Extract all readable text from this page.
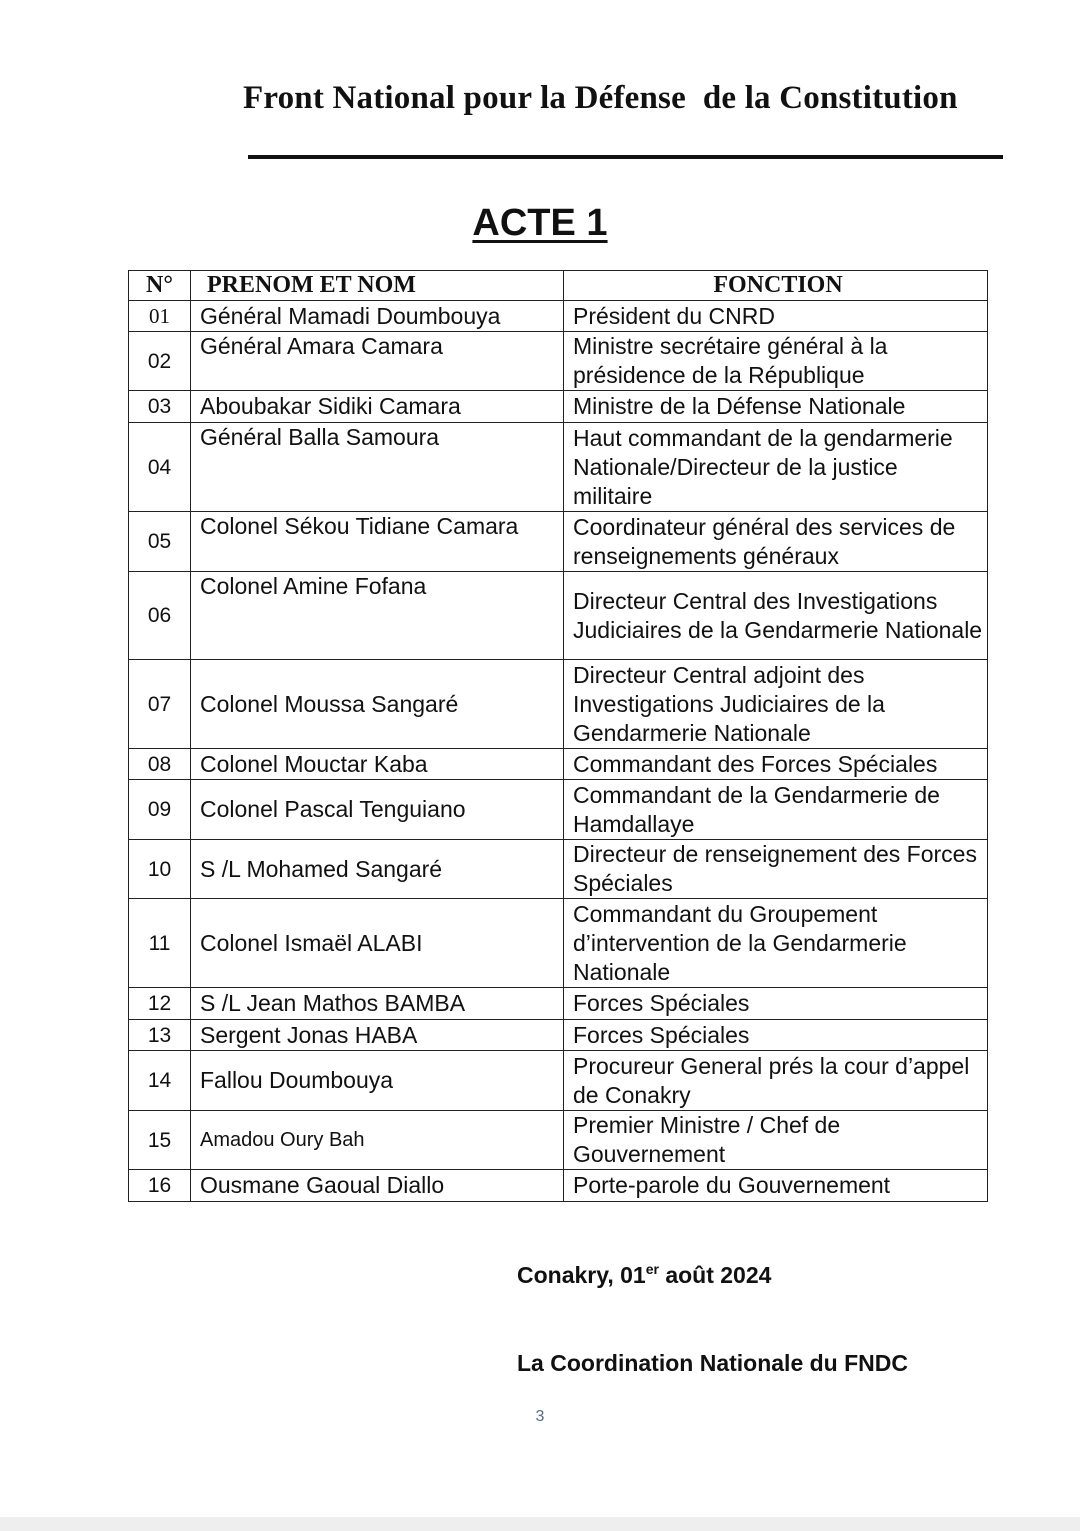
Front National pour la Défense  de la Constitution
ACTE 1
N°	PRENOM ET NOM	FONCTION
01	Général Mamadi Doumbouya	Président du CNRD
02	Général Amara Camara	Ministre secrétaire général à la présidence de la République
03	Aboubakar Sidiki Camara	Ministre de la Défense Nationale
04	Général Balla Samoura	Haut commandant de la gendarmerie Nationale/Directeur de la justice militaire
05	Colonel Sékou Tidiane Camara	Coordinateur général des services de renseignements généraux
06	Colonel Amine Fofana	Directeur Central des Investigations Judiciaires de la Gendarmerie Nationale
07	Colonel Moussa Sangaré	Directeur Central adjoint des Investigations Judiciaires de la Gendarmerie Nationale
08	Colonel Mouctar Kaba	Commandant des Forces Spéciales
09	Colonel Pascal Tenguiano	Commandant de la Gendarmerie de Hamdallaye
10	S /L Mohamed Sangaré	Directeur de renseignement des Forces Spéciales
11	Colonel Ismaël ALABI	Commandant du Groupement d’intervention de la Gendarmerie Nationale
12	S /L Jean Mathos BAMBA	Forces Spéciales
13	Sergent Jonas HABA	Forces Spéciales
14	Fallou Doumbouya	Procureur General prés la cour d’appel de Conakry
15	Amadou Oury Bah	Premier Ministre / Chef de Gouvernement
16	Ousmane Gaoual Diallo	Porte-parole du Gouvernement
Conakry, 01er août 2024
La Coordination Nationale du FNDC
3
